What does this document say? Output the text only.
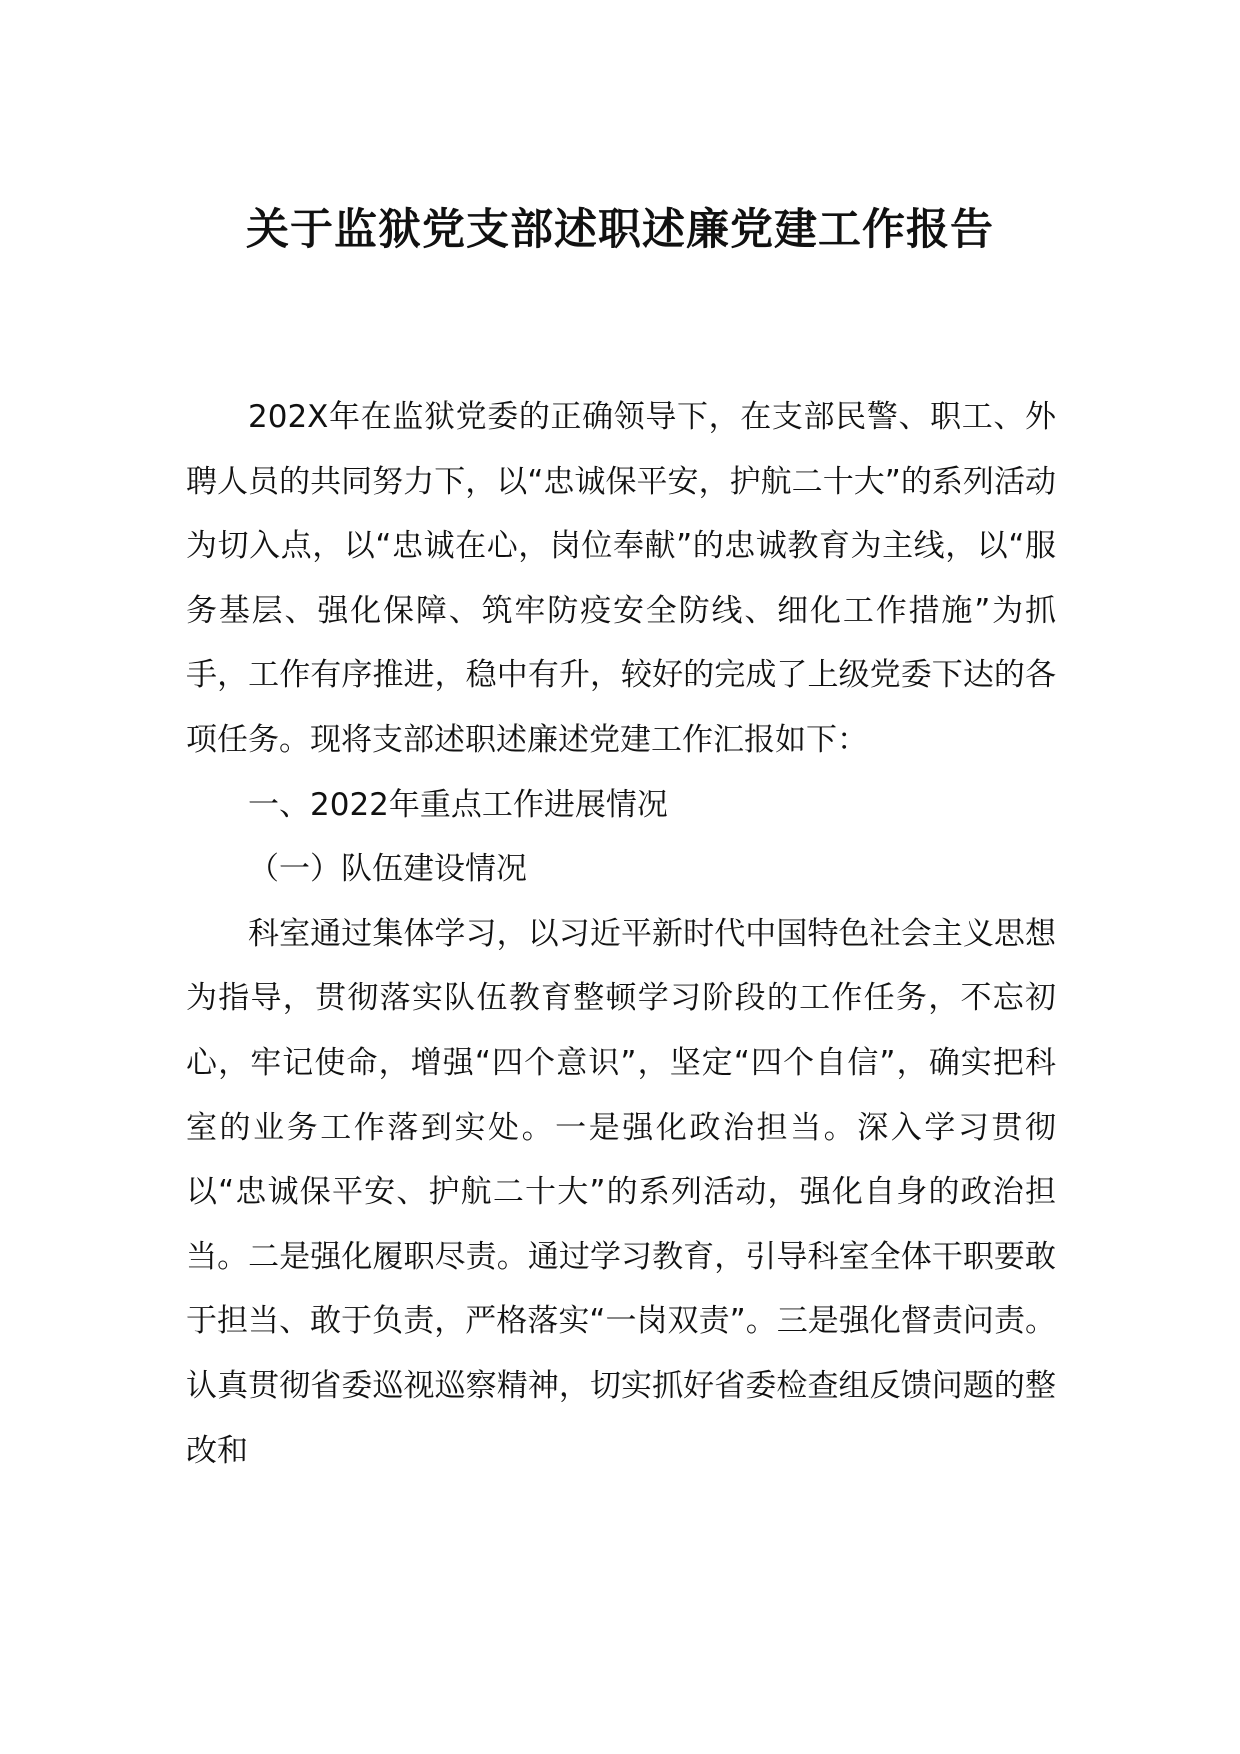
关于监狱党支部述职述廉党建工作报告

202X年在监狱党委的正确领导下，在支部民警、职工、外聘人员的共同努力下，以“忠诚保平安，护航二十大”的系列活动为切入点，以“忠诚在心，岗位奉献”的忠诚教育为主线，以“服务基层、强化保障、筑牢防疫安全防线、细化工作措施”为抓手，工作有序推进，稳中有升，较好的完成了上级党委下达的各项任务。现将支部述职述廉述党建工作汇报如下：

一、2022年重点工作进展情况

（一）队伍建设情况

科室通过集体学习，以习近平新时代中国特色社会主义思想为指导，贯彻落实队伍教育整顿学习阶段的工作任务，不忘初心，牢记使命，增强“四个意识”，坚定“四个自信”，确实把科室的业务工作落到实处。一是强化政治担当。深入学习贯彻以“忠诚保平安、护航二十大”的系列活动，强化自身的政治担当。二是强化履职尽责。通过学习教育，引导科室全体干职要敢于担当、敢于负责，严格落实“一岗双责”。三是强化督责问责。认真贯彻省委巡视巡察精神，切实抓好省委检查组反馈问题的整改和
